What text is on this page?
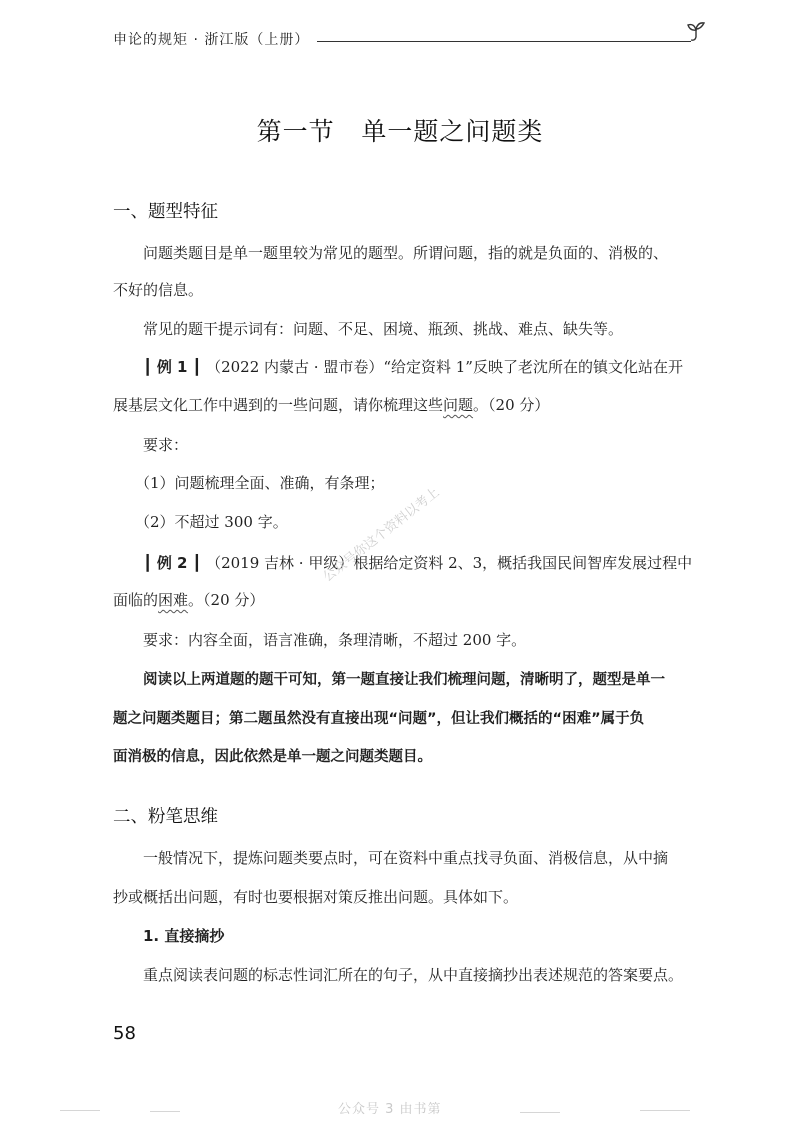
申论的规矩 · 浙江版（上册）
第一节   单一题之问题类
一、题型特征
问题类题目是单一题里较为常见的题型。所谓问题，指的就是负面的、消极的、
不好的信息。
常见的题干提示词有：问题、不足、困境、瓶颈、挑战、难点、缺失等。
┃ 例 1 ┃ （2022 内蒙古 · 盟市卷）“给定资料 1”反映了老沈所在的镇文化站在开
展基层文化工作中遇到的一些问题，请你梳理这些问题。（20 分）
要求：
（1）问题梳理全面、准确，有条理；
（2）不超过 300 字。
┃ 例 2 ┃ （2019 吉林 · 甲级）根据给定资料 2、3，概括我国民间智库发展过程中
面临的困难。（20 分）
要求：内容全面，语言准确，条理清晰，不超过 200 字。
阅读以上两道题的题干可知，第一题直接让我们梳理问题，清晰明了，题型是单一
题之问题类题目；第二题虽然没有直接出现“问题”，但让我们概括的“困难”属于负
面消极的信息，因此依然是单一题之问题类题目。
二、粉笔思维
一般情况下，提炼问题类要点时，可在资料中重点找寻负面、消极信息，从中摘
抄或概括出问题，有时也要根据对策反推出问题。具体如下。
1. 直接摘抄
重点阅读表问题的标志性词汇所在的句子，从中直接摘抄出表述规范的答案要点。
58
公众号你这个资料以考上
公众号 3 由书第
